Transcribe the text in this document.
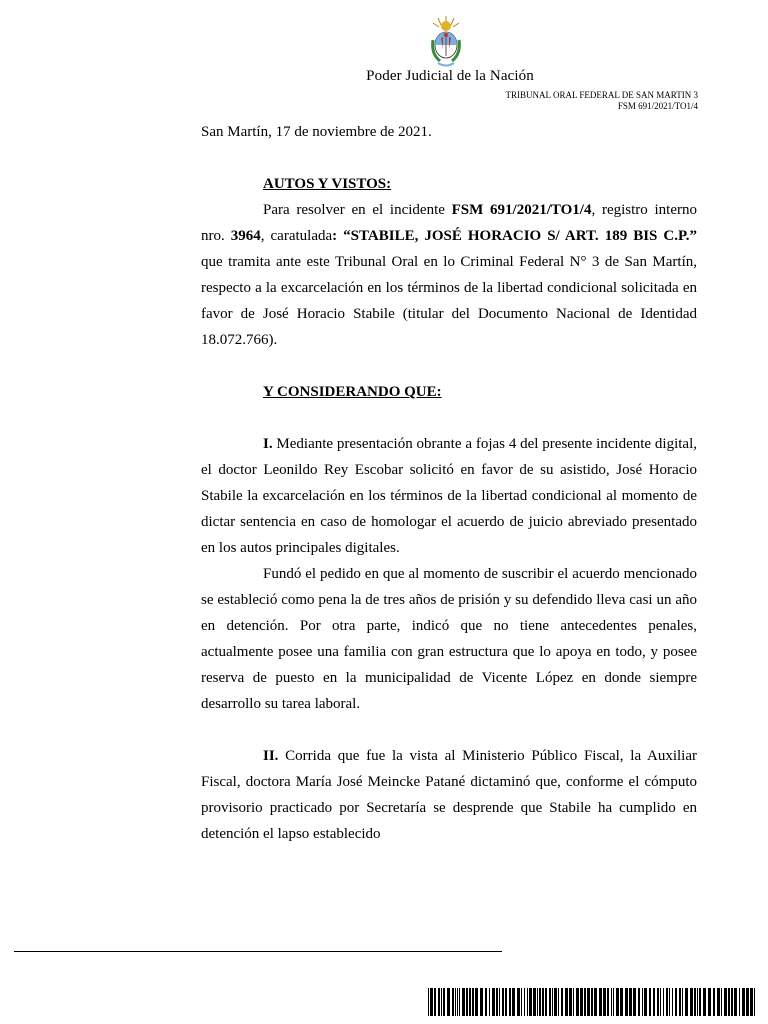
Poder Judicial de la Nación
TRIBUNAL ORAL FEDERAL DE SAN MARTIN 3
FSM 691/2021/TO1/4

San Martín, 17 de noviembre de 2021.

AUTOS Y VISTOS:

Para resolver en el incidente FSM 691/2021/TO1/4, registro interno nro. 3964, caratulada: “STABILE, JOSÉ HORACIO S/ ART. 189 BIS C.P.” que tramita ante este Tribunal Oral en lo Criminal Federal N° 3 de San Martín, respecto a la excarcelación en los términos de la libertad condicional solicitada en favor de José Horacio Stabile (titular del Documento Nacional de Identidad 18.072.766).

Y CONSIDERANDO QUE:

I. Mediante presentación obrante a fojas 4 del presente incidente digital, el doctor Leonildo Rey Escobar solicitó en favor de su asistido, José Horacio Stabile la excarcelación en los términos de la libertad condicional al momento de dictar sentencia en caso de homologar el acuerdo de juicio abreviado presentado en los autos principales digitales.

Fundó el pedido en que al momento de suscribir el acuerdo mencionado se estableció como pena la de tres años de prisión y su defendido lleva casi un año en detención. Por otra parte, indicó que no tiene antecedentes penales, actualmente posee una familia con gran estructura que lo apoya en todo, y posee reserva de puesto en la municipalidad de Vicente López en donde siempre desarrollo su tarea laboral.

II. Corrida que fue la vista al Ministerio Público Fiscal, la Auxiliar Fiscal, doctora María José Meincke Patané dictaminó que, conforme el cómputo provisorio practicado por Secretaría se desprende que Stabile ha cumplido en detención el lapso establecido
